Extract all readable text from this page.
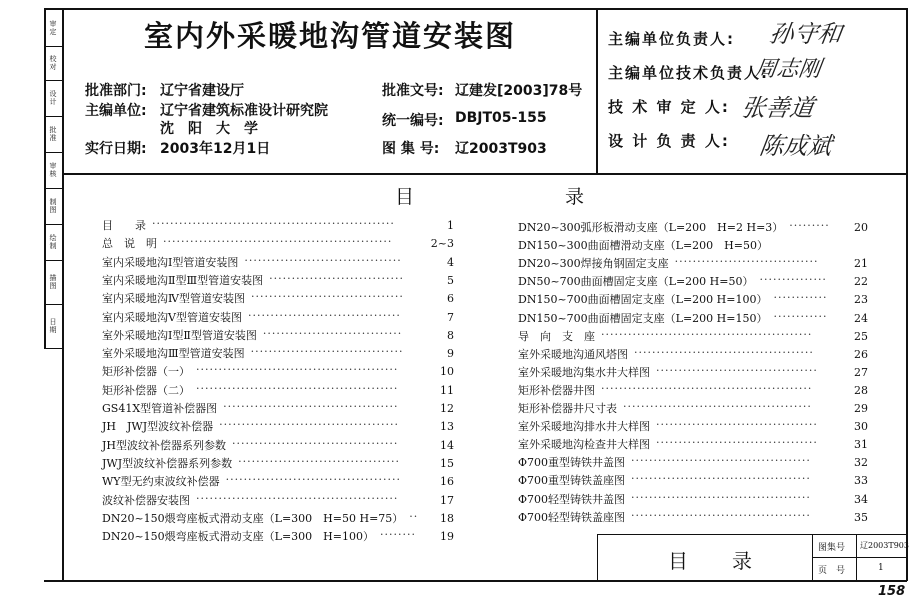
审定
校对
设计
批准
审核
制图
绘制
描图
日期
室内外采暖地沟管道安装图
批准部门: 辽宁省建设厅
主编单位: 辽宁省建筑标准设计研究院
沈　阳　大　学
实行日期: 2003年12月1日
批准文号: 辽建发[2003]78号
统一编号: DBJT05-155
图 集 号: 辽2003T903
主编单位负责人:
主编单位技术负责人:
技 术 审 定 人:
设 计 负 责 人:
孙守和
周志刚
张善道
陈成斌
目	录
目　　录 ······················································	1
总　说　明 ···················································	2~3
室内采暖地沟Ⅰ型管道安装图 ···································	4
室内采暖地沟Ⅱ型Ⅲ型管道安装图 ······························	5
室内采暖地沟Ⅳ型管道安装图 ··································	6
室内采暖地沟Ⅴ型管道安装图 ··································	7
室外采暖地沟Ⅰ型Ⅱ型管道安装图 ·······························	8
室外采暖地沟Ⅲ型管道安装图 ··································	9
矩形补偿器（一） ·············································	10
矩形补偿器（二） ·············································	11
GS41X型管道补偿器图 ·······································	12
JH　JWJ型波纹补偿器 ········································	13
JH型波纹补偿器系列参数 ·····································	14
JWJ型波纹补偿器系列参数 ····································	15
WY型无约束波纹补偿器 ·······································	16
波纹补偿器安装图 ·············································	17
DN20~150煨弯座板式滑动支座（L=300　H=50 H=75） ··	18
DN20~150煨弯座板式滑动支座（L=300　H=100） ········	19
DN20~300弧形板滑动支座（L=200　H=2 H=3） ·········	20
DN150~300曲面槽滑动支座（L=200　H=50）
DN20~300焊接角钢固定支座 ································	21
DN50~700曲面槽固定支座（L=200 H=50） ···············	22
DN150~700曲面槽固定支座（L=200 H=100） ············	23
DN150~700曲面槽固定支座（L=200 H=150） ············	24
导　向　支　座 ···············································	25
室外采暖地沟通风塔图 ········································	26
室外采暖地沟集水井大样图 ····································	27
矩形补偿器井图 ···············································	28
矩形补偿器井尺寸表 ··········································	29
室外采暖地沟排水井大样图 ····································	30
室外采暖地沟检查井大样图 ····································	31
Φ700重型铸铁井盖图 ········································	32
Φ700重型铸铁盖座图 ········································	33
Φ700轻型铸铁井盖图 ········································	34
Φ700轻型铸铁盖座图 ········································	35
目 录
图集号 辽2003T903
页　号	1
158
